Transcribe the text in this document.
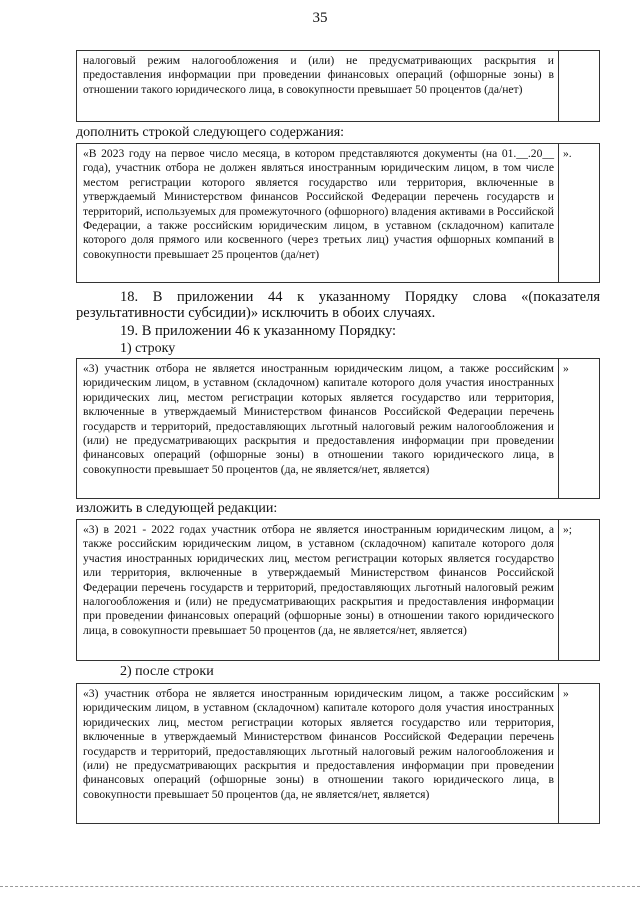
35
налоговый режим налогообложения и (или) не предусматривающих раскрытия и предоставления информации при проведении финансовых операций (офшорные зоны) в отношении такого юридического лица, в совокупности превышает 50 процентов (да/нет)
дополнить строкой следующего содержания:
«В 2023 году на первое число месяца, в котором представляются документы (на 01.__.20__ года), участник отбора не должен являться иностранным юридическим лицом, в том числе местом регистрации которого является государство или территория, включенные в утверждаемый Министерством финансов Российской Федерации перечень государств и территорий, используемых для промежуточного (офшорного) владения активами в Российской Федерации, а также российским юридическим лицом, в уставном (складочном) капитале которого доля прямого или косвенного (через третьих лиц) участия офшорных компаний в совокупности превышает 25 процентов (да/нет)
».
18. В приложении 44 к указанному Порядку слова «(показателя результативности субсидии)» исключить в обоих случаях.
19. В приложении 46 к указанному Порядку:
1) строку
«3) участник отбора не является иностранным юридическим лицом, а также российским юридическим лицом, в уставном (складочном) капитале которого доля участия иностранных юридических лиц, местом регистрации которых является государство или территория, включенные в утверждаемый Министерством финансов Российской Федерации перечень государств и территорий, предоставляющих льготный налоговый режим налогообложения и (или) не предусматривающих раскрытия и предоставления информации при проведении финансовых операций (офшорные зоны) в отношении такого юридического лица, в совокупности превышает 50 процентов (да, не является/нет, является)
»
изложить в следующей редакции:
«3) в 2021 - 2022 годах участник отбора не является иностранным юридическим лицом, а также российским юридическим лицом, в уставном (складочном) капитале которого доля участия иностранных юридических лиц, местом регистрации которых является государство или территория, включенные в утверждаемый Министерством финансов Российской Федерации перечень государств и территорий, предоставляющих льготный налоговый режим налогообложения и (или) не предусматривающих раскрытия и предоставления информации при проведении финансовых операций (офшорные зоны) в отношении такого юридического лица, в совокупности превышает 50 процентов (да, не является/нет, является)
»;
2) после строки
«3) участник отбора не является иностранным юридическим лицом, а также российским юридическим лицом, в уставном (складочном) капитале которого доля участия иностранных юридических лиц, местом регистрации которых является государство или территория, включенные в утверждаемый Министерством финансов Российской Федерации перечень государств и территорий, предоставляющих льготный налоговый режим налогообложения и (или) не предусматривающих раскрытия и предоставления информации при проведении финансовых операций (офшорные зоны) в отношении такого юридического лица, в совокупности превышает 50 процентов (да, не является/нет, является)
»
